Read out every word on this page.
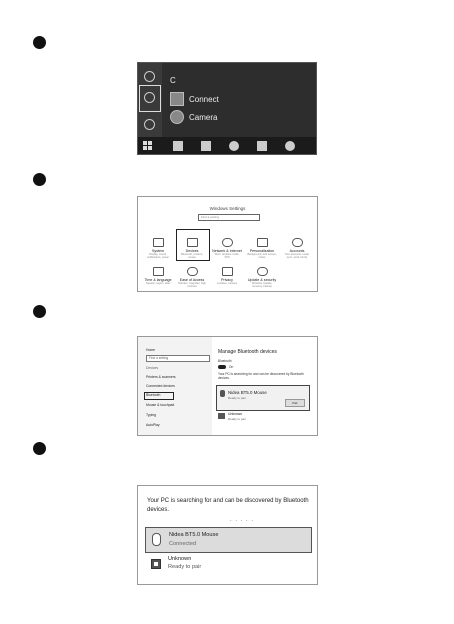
C
Connect
Camera
Windows Settings
Find a setting
System
Display, sound, notifications, power
Devices
Bluetooth, printers, mouse
Network & Internet
Wi-Fi, airplane mode, VPN
Personalization
Background, lock screen, colors
Accounts
Your accounts, email, sync, work, family
Time & language
Speech, region, date
Ease of Access
Narrator, magnifier, high contrast
Privacy
Location, camera
Update & security
Windows Update, recovery, backup
Home
Find a setting
Devices
Printers & scanners
Connected devices
Bluetooth
Mouse & touchpad
Typing
AutoPlay
Manage Bluetooth devices
Bluetooth
On
Your PC is searching for and can be discovered by Bluetooth devices.
Nidea BT5.0 Mouse
Ready to pair
Pair
Unknown
Ready to pair
Your PC is searching for and can be discovered by Bluetooth devices.
. . . . .
Nidea BT5.0 Mouse
Connected
Unknown
Ready to pair
